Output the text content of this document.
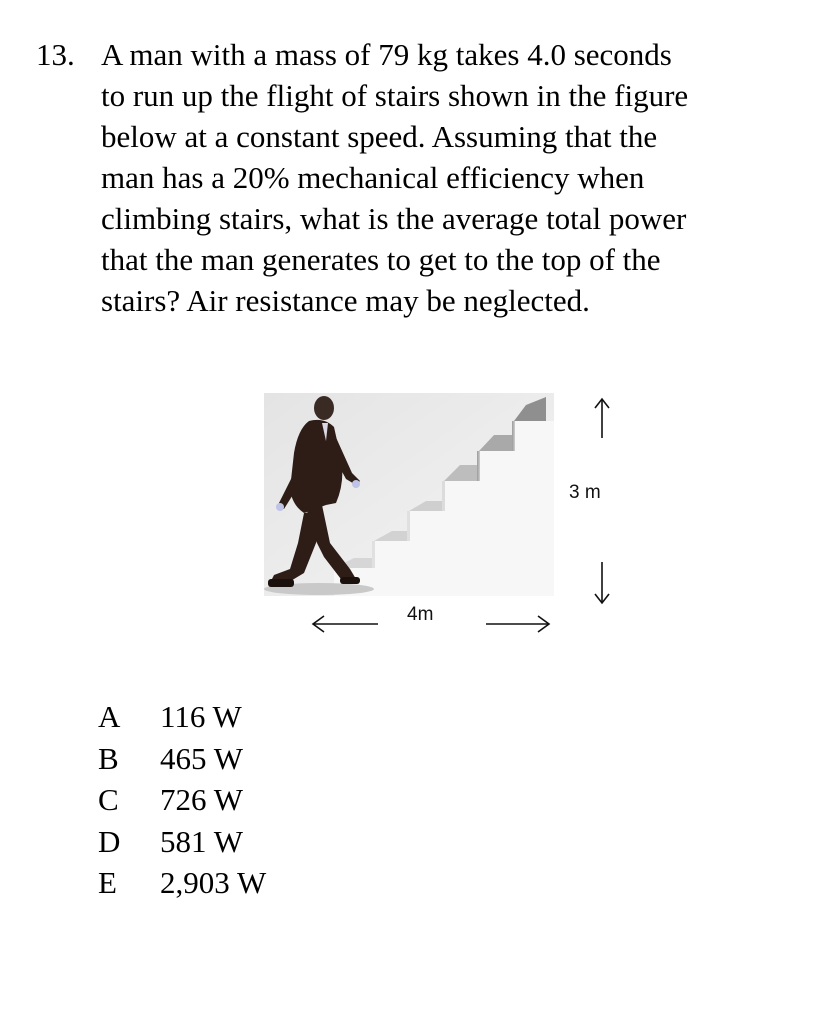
13. A man with a mass of 79 kg takes 4.0 seconds
to run up the flight of stairs shown in the figure
below at a constant speed. Assuming that the
man has a 20% mechanical efficiency when
climbing stairs, what is the average total power
that the man generates to get to the top of the
stairs? Air resistance may be neglected.
3 m
4m
A 116 W
B 465 W
C 726 W
D 581 W
E 2,903 W
